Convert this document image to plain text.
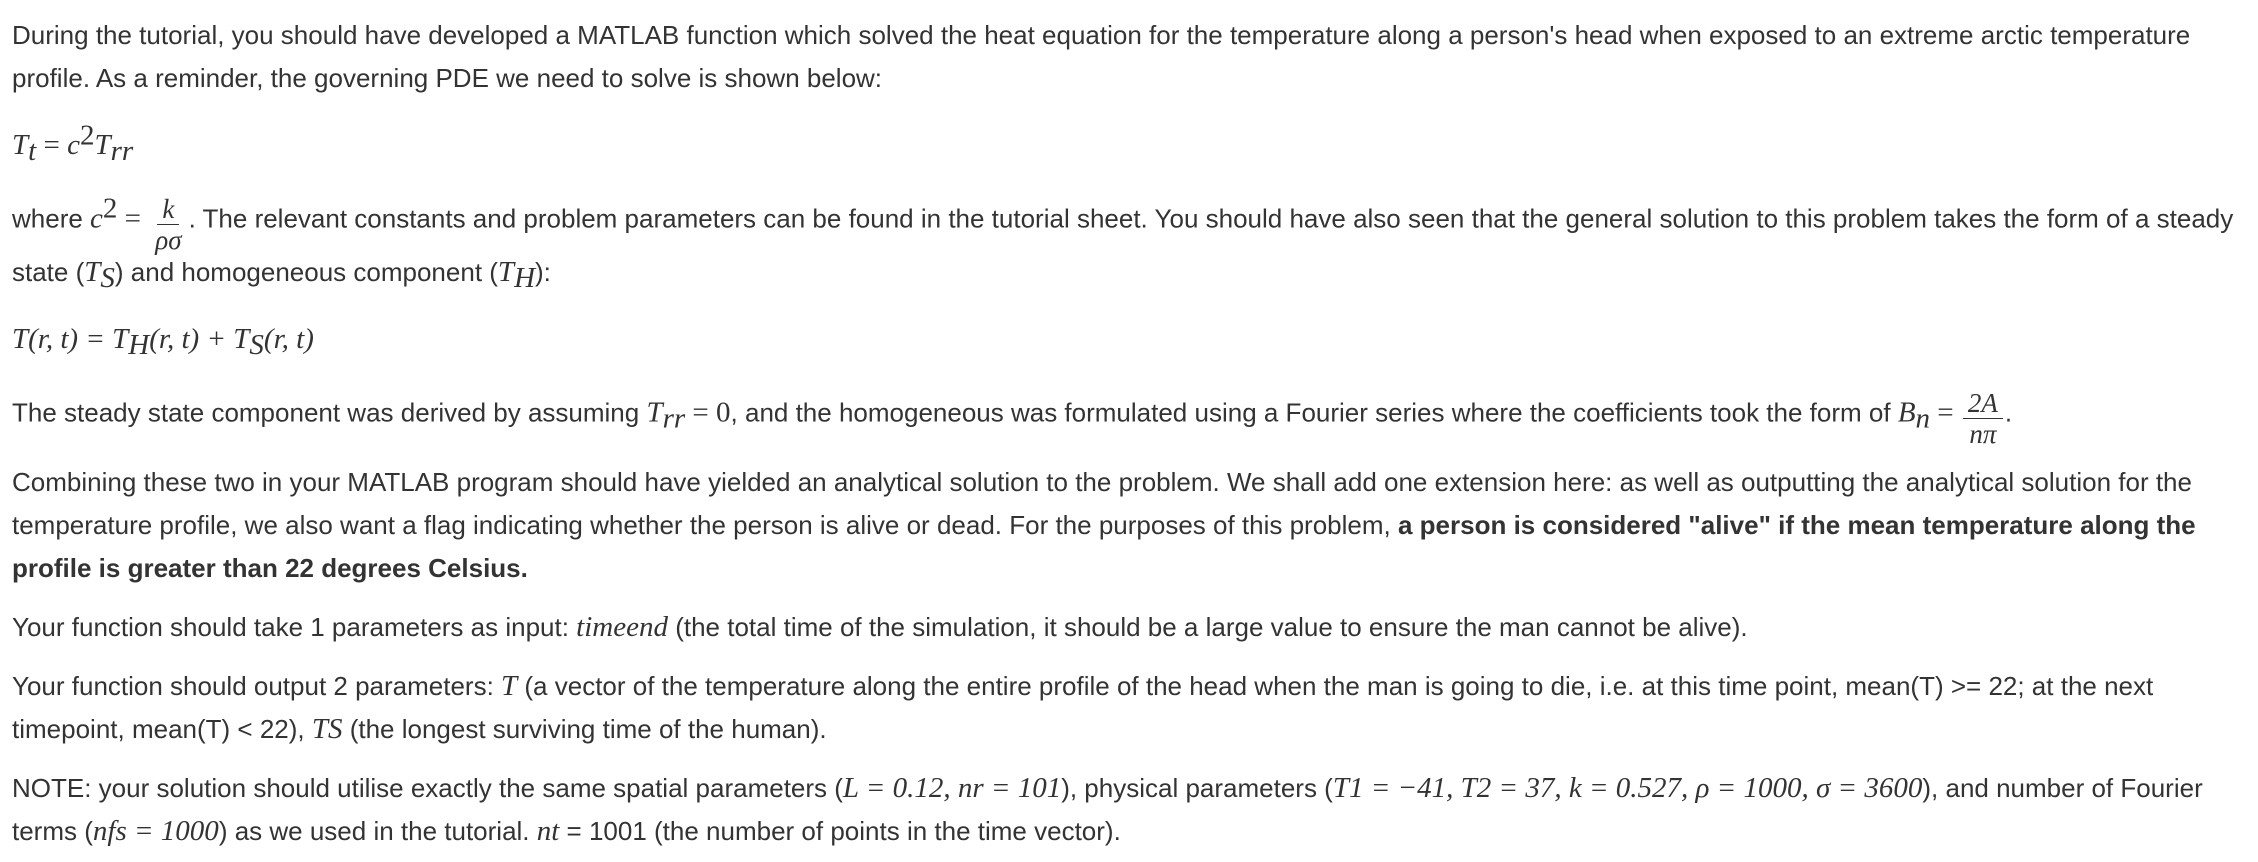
During the tutorial, you should have developed a MATLAB function which solved the heat equation for the temperature along a person's head when exposed to an extreme arctic temperature profile. As a reminder, the governing PDE we need to solve is shown below:

$T_t = c^2T_{rr}$

where $c^2 = \frac{k}{\rho\sigma}$ . The relevant constants and problem parameters can be found in the tutorial sheet. You should have also seen that the general solution to this problem takes the form of a steady state $(T_S)$ and homogeneous component $(T_H)$:

T(r, $t) = T_H(r$, $t) + T_S(r$, t)

The steady state component was derived by assuming $T_{rr} = 0$, and the homogeneous was formulated using a Fourier series where the coefficients took the form of $B_n = \frac{2A}{n\pi}$ .

Combining these two in your MATLAB program should have yielded an analytical solution to the problem. We shall add one extension here: as well as outputting the analytical solution for the temperature profile, we also want a flag indicating whether the person is alive or dead. For the purposes of this problem, a person is considered "alive" if the mean temperature along the profile is greater than 22 degrees Celsius.

Your function should take 1 parameters as input: timeend (the total time of the simulation, it should be a large value to ensure the man cannot be alive).

Your function should output 2 parameters: T (a vector of the temperature along the entire profile of the head when the man is going to die, i.e. at this time point, mean(T) >= 22; at the next timepoint, mean(T) < 22), TS (the longest surviving time of the human).

NOTE: your solution should utilise exactly the same spatial parameters (L = 0.12, nr = 101), physical parameters (T1 = −41, T2 = 37, k = 0.527, ρ = 1000, σ = 3600), and number of Fourier terms (nfs = 1000) as we used in the tutorial. nt = 1001 (the number of points in the time vector).
